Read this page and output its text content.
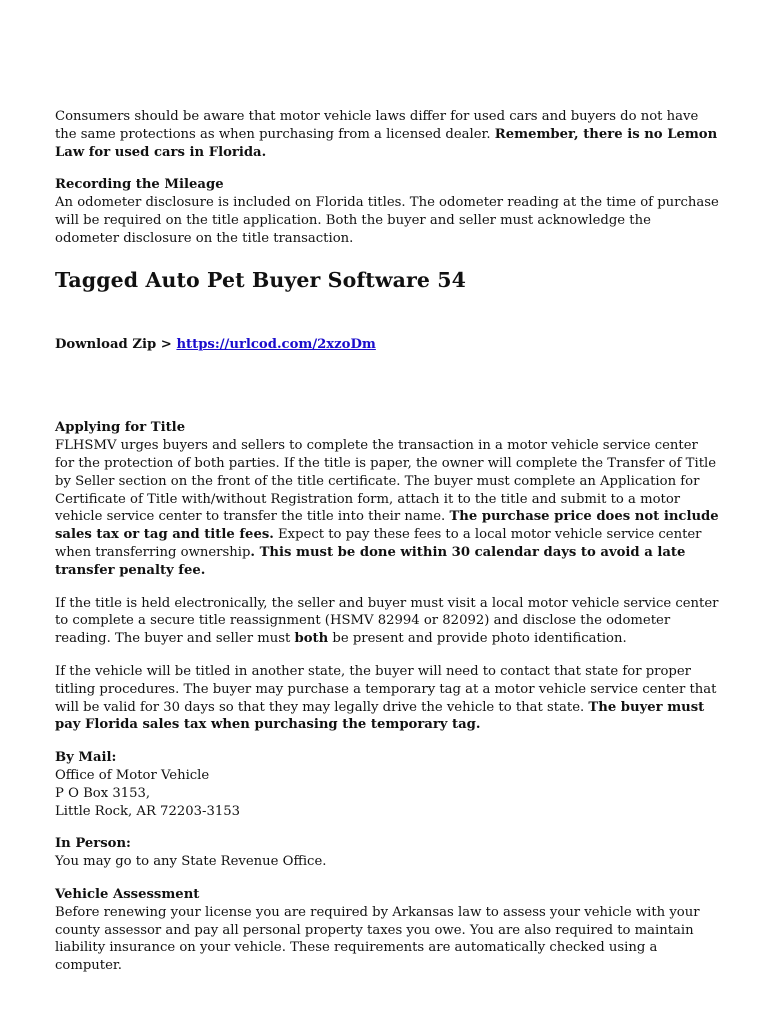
Consumers should be aware that motor vehicle laws differ for used cars and buyers do not have the same protections as when purchasing from a licensed dealer. Remember, there is no Lemon Law for used cars in Florida.

Recording the Mileage

An odometer disclosure is included on Florida titles. The odometer reading at the time of purchase will be required on the title application. Both the buyer and seller must acknowledge the odometer disclosure on the title transaction.

Tagged Auto Pet Buyer Software 54

Download Zip > https://urlcod.com/2xzoDm

Applying for Title

FLHSMV urges buyers and sellers to complete the transaction in a motor vehicle service center for the protection of both parties. If the title is paper, the owner will complete the Transfer of Title by Seller section on the front of the title certificate. The buyer must complete an Application for Certificate of Title with/without Registration form, attach it to the title and submit to a motor vehicle service center to transfer the title into their name. The purchase price does not include sales tax or tag and title fees. Expect to pay these fees to a local motor vehicle service center when transferring ownership. This must be done within 30 calendar days to avoid a late transfer penalty fee.

If the title is held electronically, the seller and buyer must visit a local motor vehicle service center to complete a secure title reassignment (HSMV 82994 or 82092) and disclose the odometer reading. The buyer and seller must both be present and provide photo identification.

If the vehicle will be titled in another state, the buyer will need to contact that state for proper titling procedures. The buyer may purchase a temporary tag at a motor vehicle service center that will be valid for 30 days so that they may legally drive the vehicle to that state. The buyer must pay Florida sales tax when purchasing the temporary tag.

By Mail:

Office of Motor Vehicle

P O Box 3153,

Little Rock, AR 72203-3153

In Person:

You may go to any State Revenue Office.

Vehicle Assessment

Before renewing your license you are required by Arkansas law to assess your vehicle with your county assessor and pay all personal property taxes you owe. You are also required to maintain liability insurance on your vehicle. These requirements are automatically checked using a computer.
